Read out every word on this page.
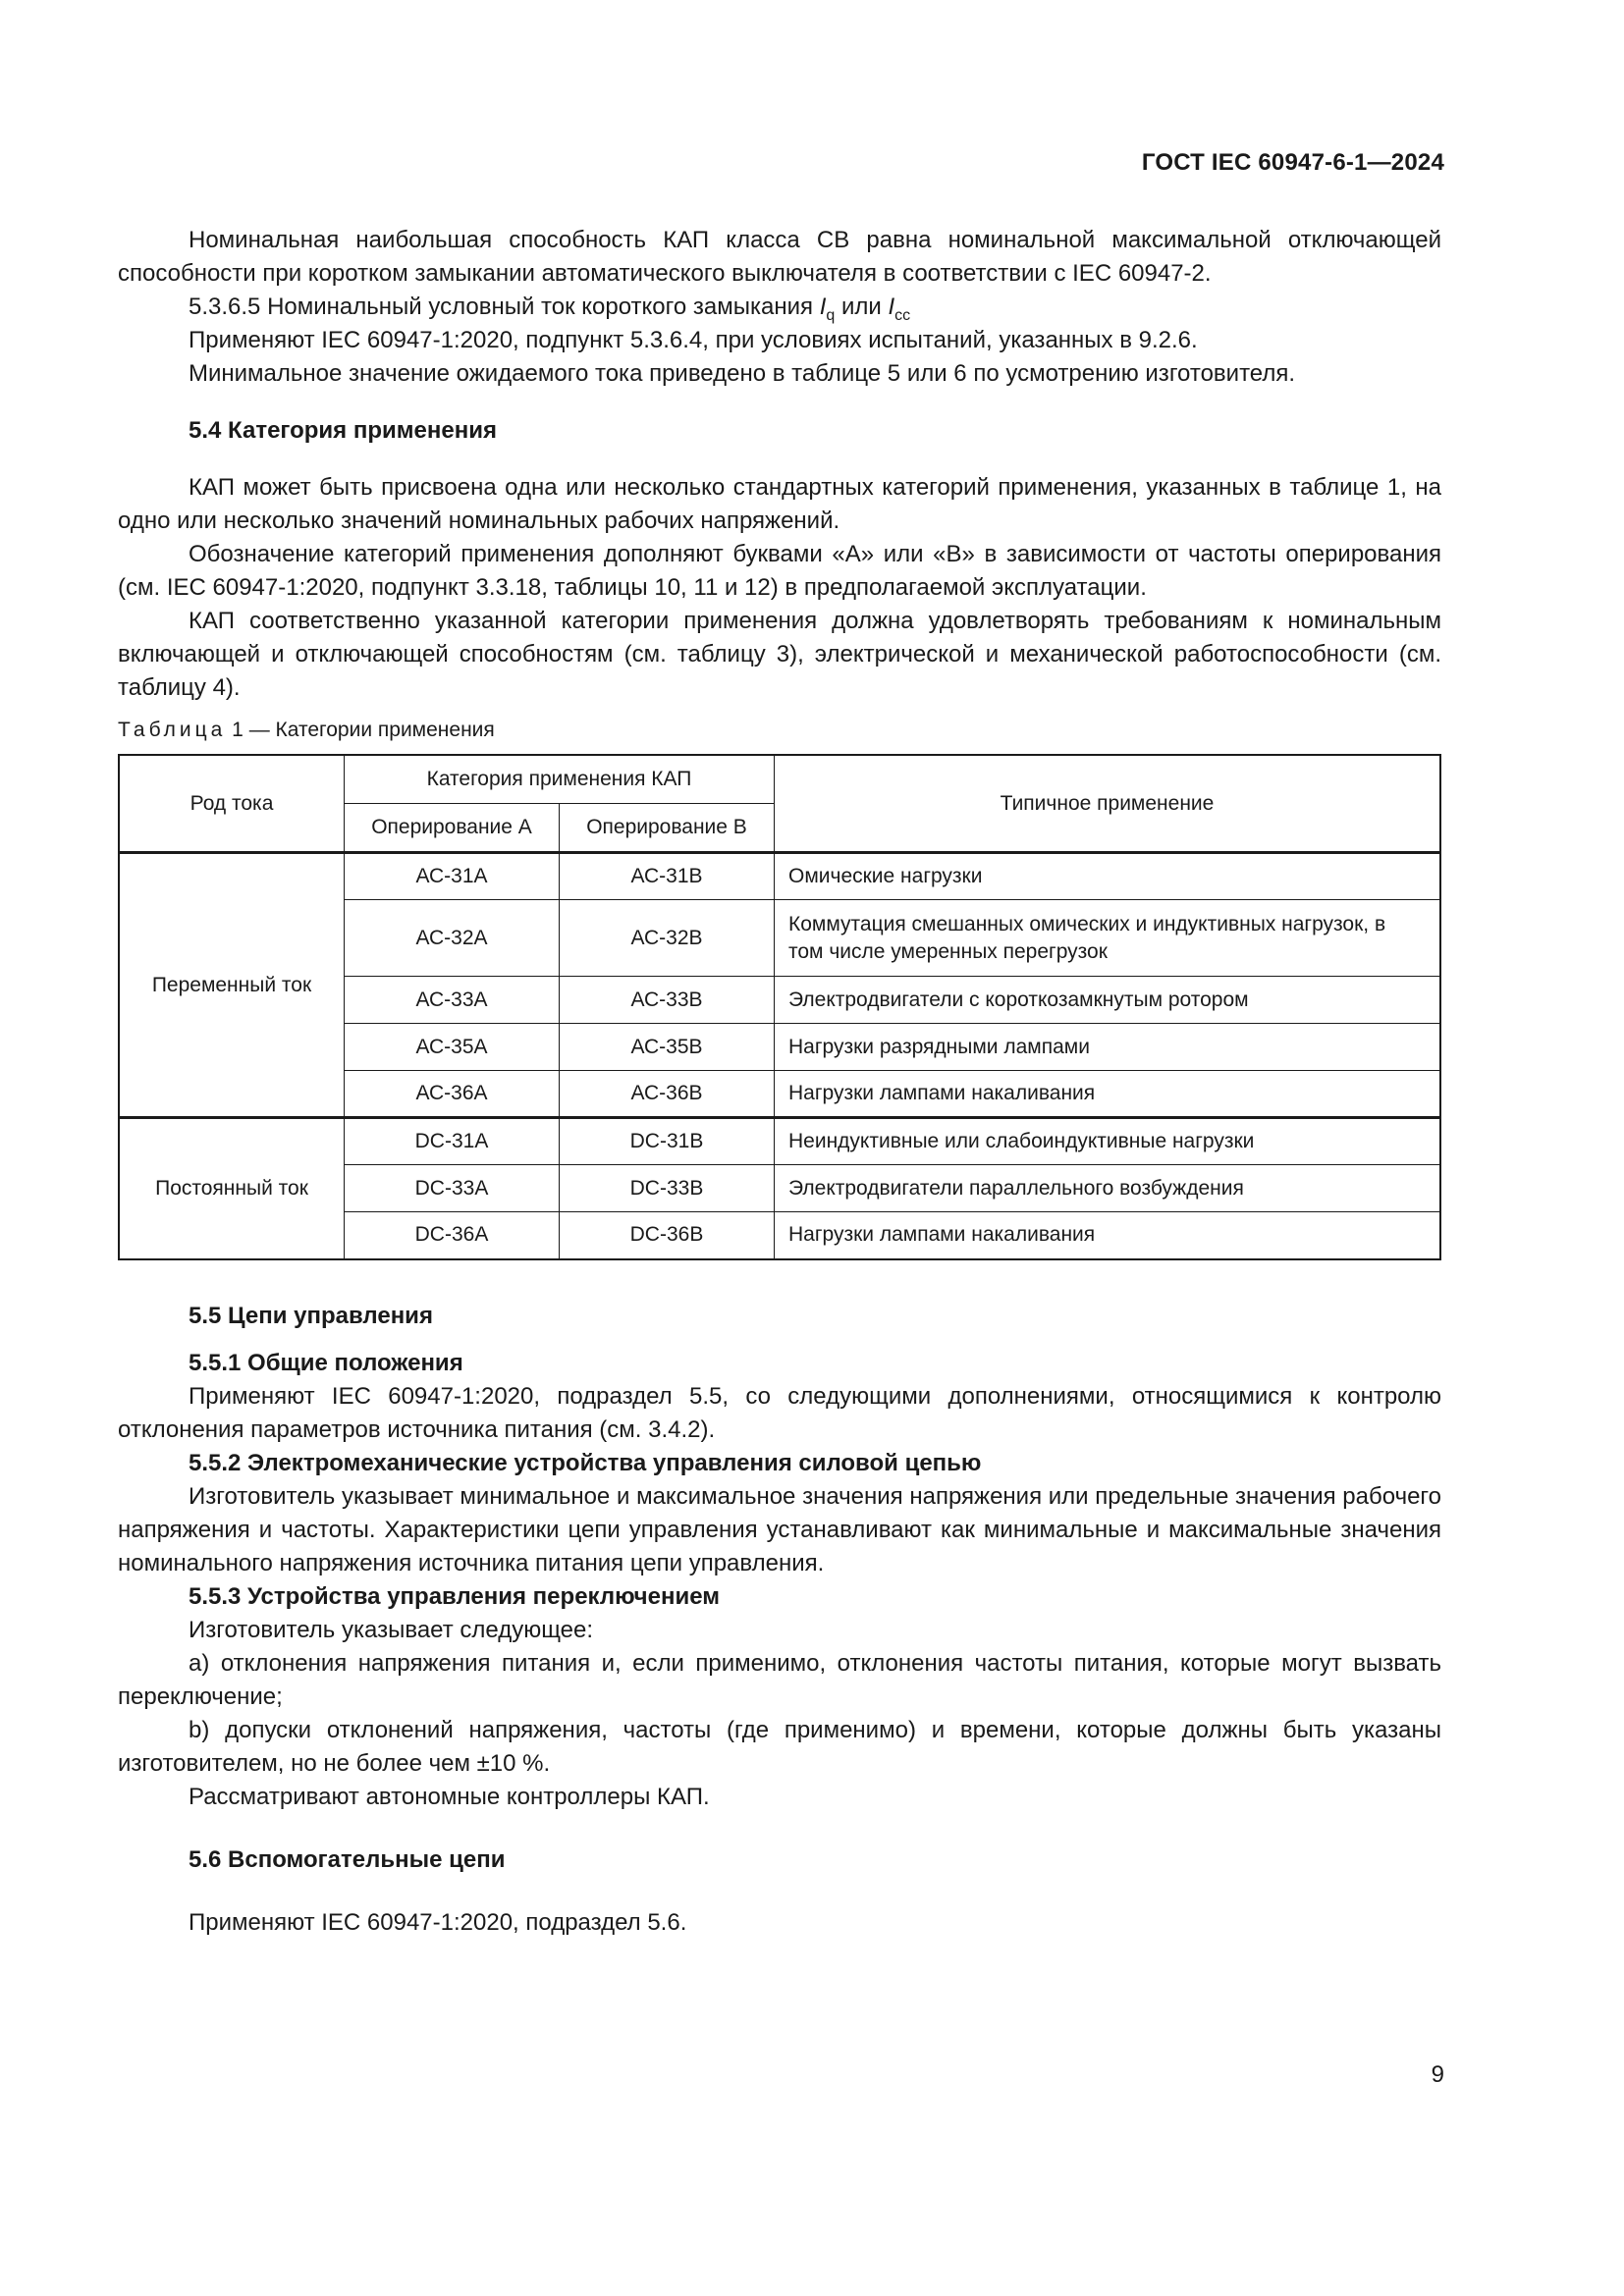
ГОСТ IEC 60947-6-1—2024

Номинальная наибольшая способность КАП класса СВ равна номинальной максимальной отключающей способности при коротком замыкании автоматического выключателя в соответствии с IEC 60947-2.

5.3.6.5 Номинальный условный ток короткого замыкания $I_q$ или $I_{cc}$

Применяют IEC 60947-1:2020, подпункт 5.3.6.4, при условиях испытаний, указанных в 9.2.6.

Минимальное значение ожидаемого тока приведено в таблице 5 или 6 по усмотрению изготовителя.

5.4 Категория применения

КАП может быть присвоена одна или несколько стандартных категорий применения, указанных в таблице 1, на одно или несколько значений номинальных рабочих напряжений.

Обозначение категорий применения дополняют буквами «А» или «В» в зависимости от частоты оперирования (см. IEC 60947-1:2020, подпункт 3.3.18, таблицы 10, 11 и 12) в предполагаемой эксплуатации.

КАП соответственно указанной категории применения должна удовлетворять требованиям к номинальным включающей и отключающей способностям (см. таблицу 3), электрической и механической работоспособности (см. таблицу 4).

Таблица 1 — Категории применения
Род тока	Категория применения КАП		Типичное применение
	Оперирование А	Оперирование В	
Переменный ток	АС-31А	АС-31В	Омические нагрузки
	АС-32А	АС-32В	Коммутация смешанных омических и индуктивных нагрузок, в том числе умеренных перегрузок
	АС-33А	АС-33В	Электродвигатели с короткозамкнутым ротором
	АС-35А	АС-35В	Нагрузки разрядными лампами
	АС-36А	АС-36В	Нагрузки лампами накаливания
Постоянный ток	DC-31A	DC-31B	Неиндуктивные или слабоиндуктивные нагрузки
	DC-33A	DC-33B	Электродвигатели параллельного возбуждения
	DC-36A	DC-36B	Нагрузки лампами накаливания

5.5 Цепи управления

5.5.1 Общие положения

Применяют IEC 60947-1:2020, подраздел 5.5, со следующими дополнениями, относящимися к контролю отклонения параметров источника питания (см. 3.4.2).

5.5.2 Электромеханические устройства управления силовой цепью

Изготовитель указывает минимальное и максимальное значения напряжения или предельные значения рабочего напряжения и частоты. Характеристики цепи управления устанавливают как минимальные и максимальные значения номинального напряжения источника питания цепи управления.

5.5.3 Устройства управления переключением

Изготовитель указывает следующее:

а) отклонения напряжения питания и, если применимо, отклонения частоты питания, которые могут вызвать переключение;

b) допуски отклонений напряжения, частоты (где применимо) и времени, которые должны быть указаны изготовителем, но не более чем ±10 %.

Рассматривают автономные контроллеры КАП.

5.6 Вспомогательные цепи

Применяют IEC 60947-1:2020, подраздел 5.6.

9
